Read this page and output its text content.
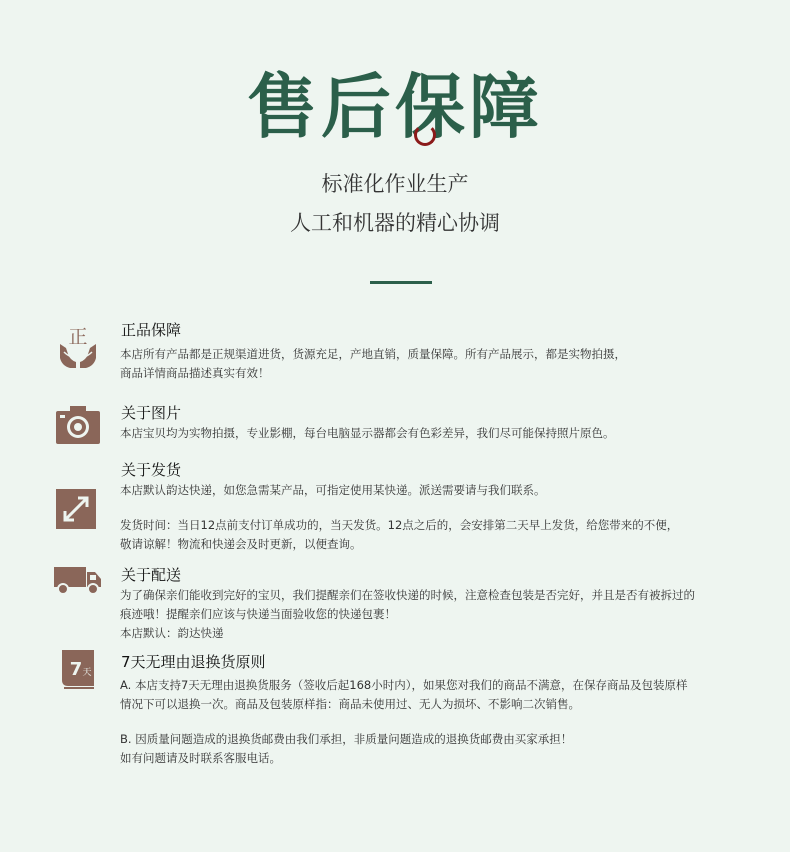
售后保障
标准化作业生产
人工和机器的精心协调
正 正品保障
本店所有产品都是正规渠道进货，货源充足，产地直销，质量保障。所有产品展示，都是实物拍摄，
商品详情商品描述真实有效！
关于图片
本店宝贝均为实物拍摄，专业影棚，每台电脑显示器都会有色彩差异，我们尽可能保持照片原色。
关于发货
本店默认韵达快递，如您急需某产品，可指定使用某快递。派送需要请与我们联系。
发货时间：当日12点前支付订单成功的，当天发货。12点之后的，会安排第二天早上发货，给您带来的不便，
敬请谅解！物流和快递会及时更新，以便查询。
关于配送
为了确保亲们能收到完好的宝贝，我们提醒亲们在签收快递的时候，注意检查包装是否完好，并且是否有被拆过的
痕迹哦！提醒亲们应该与快递当面验收您的快递包裹！
本店默认：韵达快递
7 天
7天无理由退换货原则
A. 本店支持7天无理由退换货服务（签收后起168小时内），如果您对我们的商品不满意，在保存商品及包装原样
情况下可以退换一次。商品及包装原样指：商品未使用过、无人为损坏、不影响二次销售。
B. 因质量问题造成的退换货邮费由我们承担，非质量问题造成的退换货邮费由买家承担！
如有问题请及时联系客服电话。
